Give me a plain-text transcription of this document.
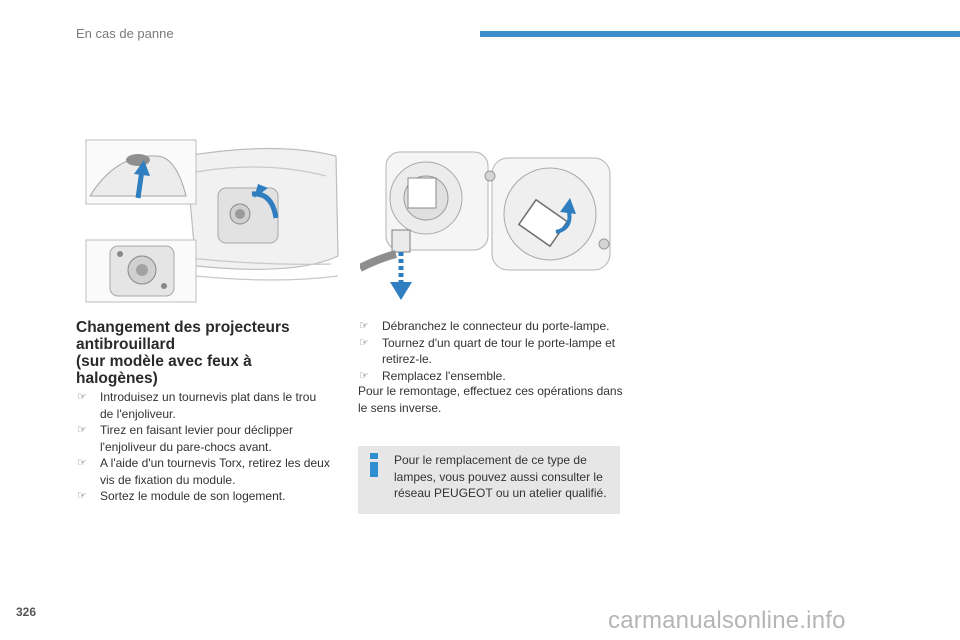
En cas de panne
Changement des projecteurs
antibrouillard
(sur modèle avec feux à
halogènes)
☞ Introduisez un tournevis plat dans le trou de l'enjoliveur.
☞ Tirez en faisant levier pour déclipper l'enjoliveur du pare-chocs avant.
☞ A l'aide d'un tournevis Torx, retirez les deux vis de fixation du module.
☞ Sortez le module de son logement.
☞ Débranchez le connecteur du porte-lampe.
☞ Tournez d'un quart de tour le porte-lampe et retirez-le.
☞ Remplacez l'ensemble.

Pour le remontage, effectuez ces opérations dans le sens inverse.

Pour le remplacement de ce type de lampes, vous pouvez aussi consulter le réseau PEUGEOT ou un atelier qualifié.

326	carmanualsonline.info
